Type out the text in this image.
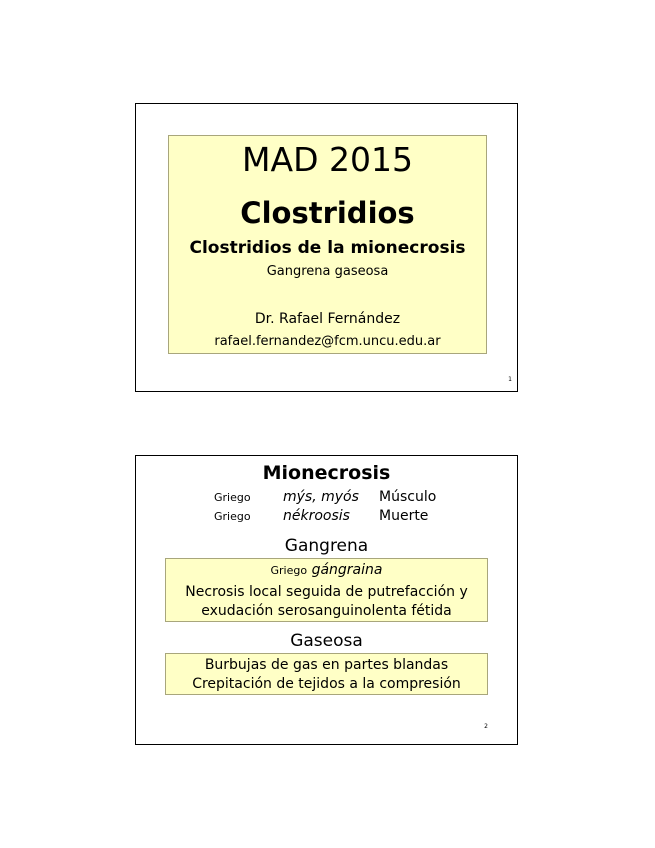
MAD 2015
Clostridios
Clostridios de la mionecrosis
Gangrena gaseosa
Dr. Rafael Fernández
rafael.fernandez@fcm.uncu.edu.ar
1
Mionecrosis
Griego mýs, myós Músculo
Griego nékroosis Muerte
Gangrena
Griego gángraina
Necrosis local seguida de putrefacción y
exudación serosanguinolenta fétida
Gaseosa
Burbujas de gas en partes blandas
Crepitación de tejidos a la compresión
2
